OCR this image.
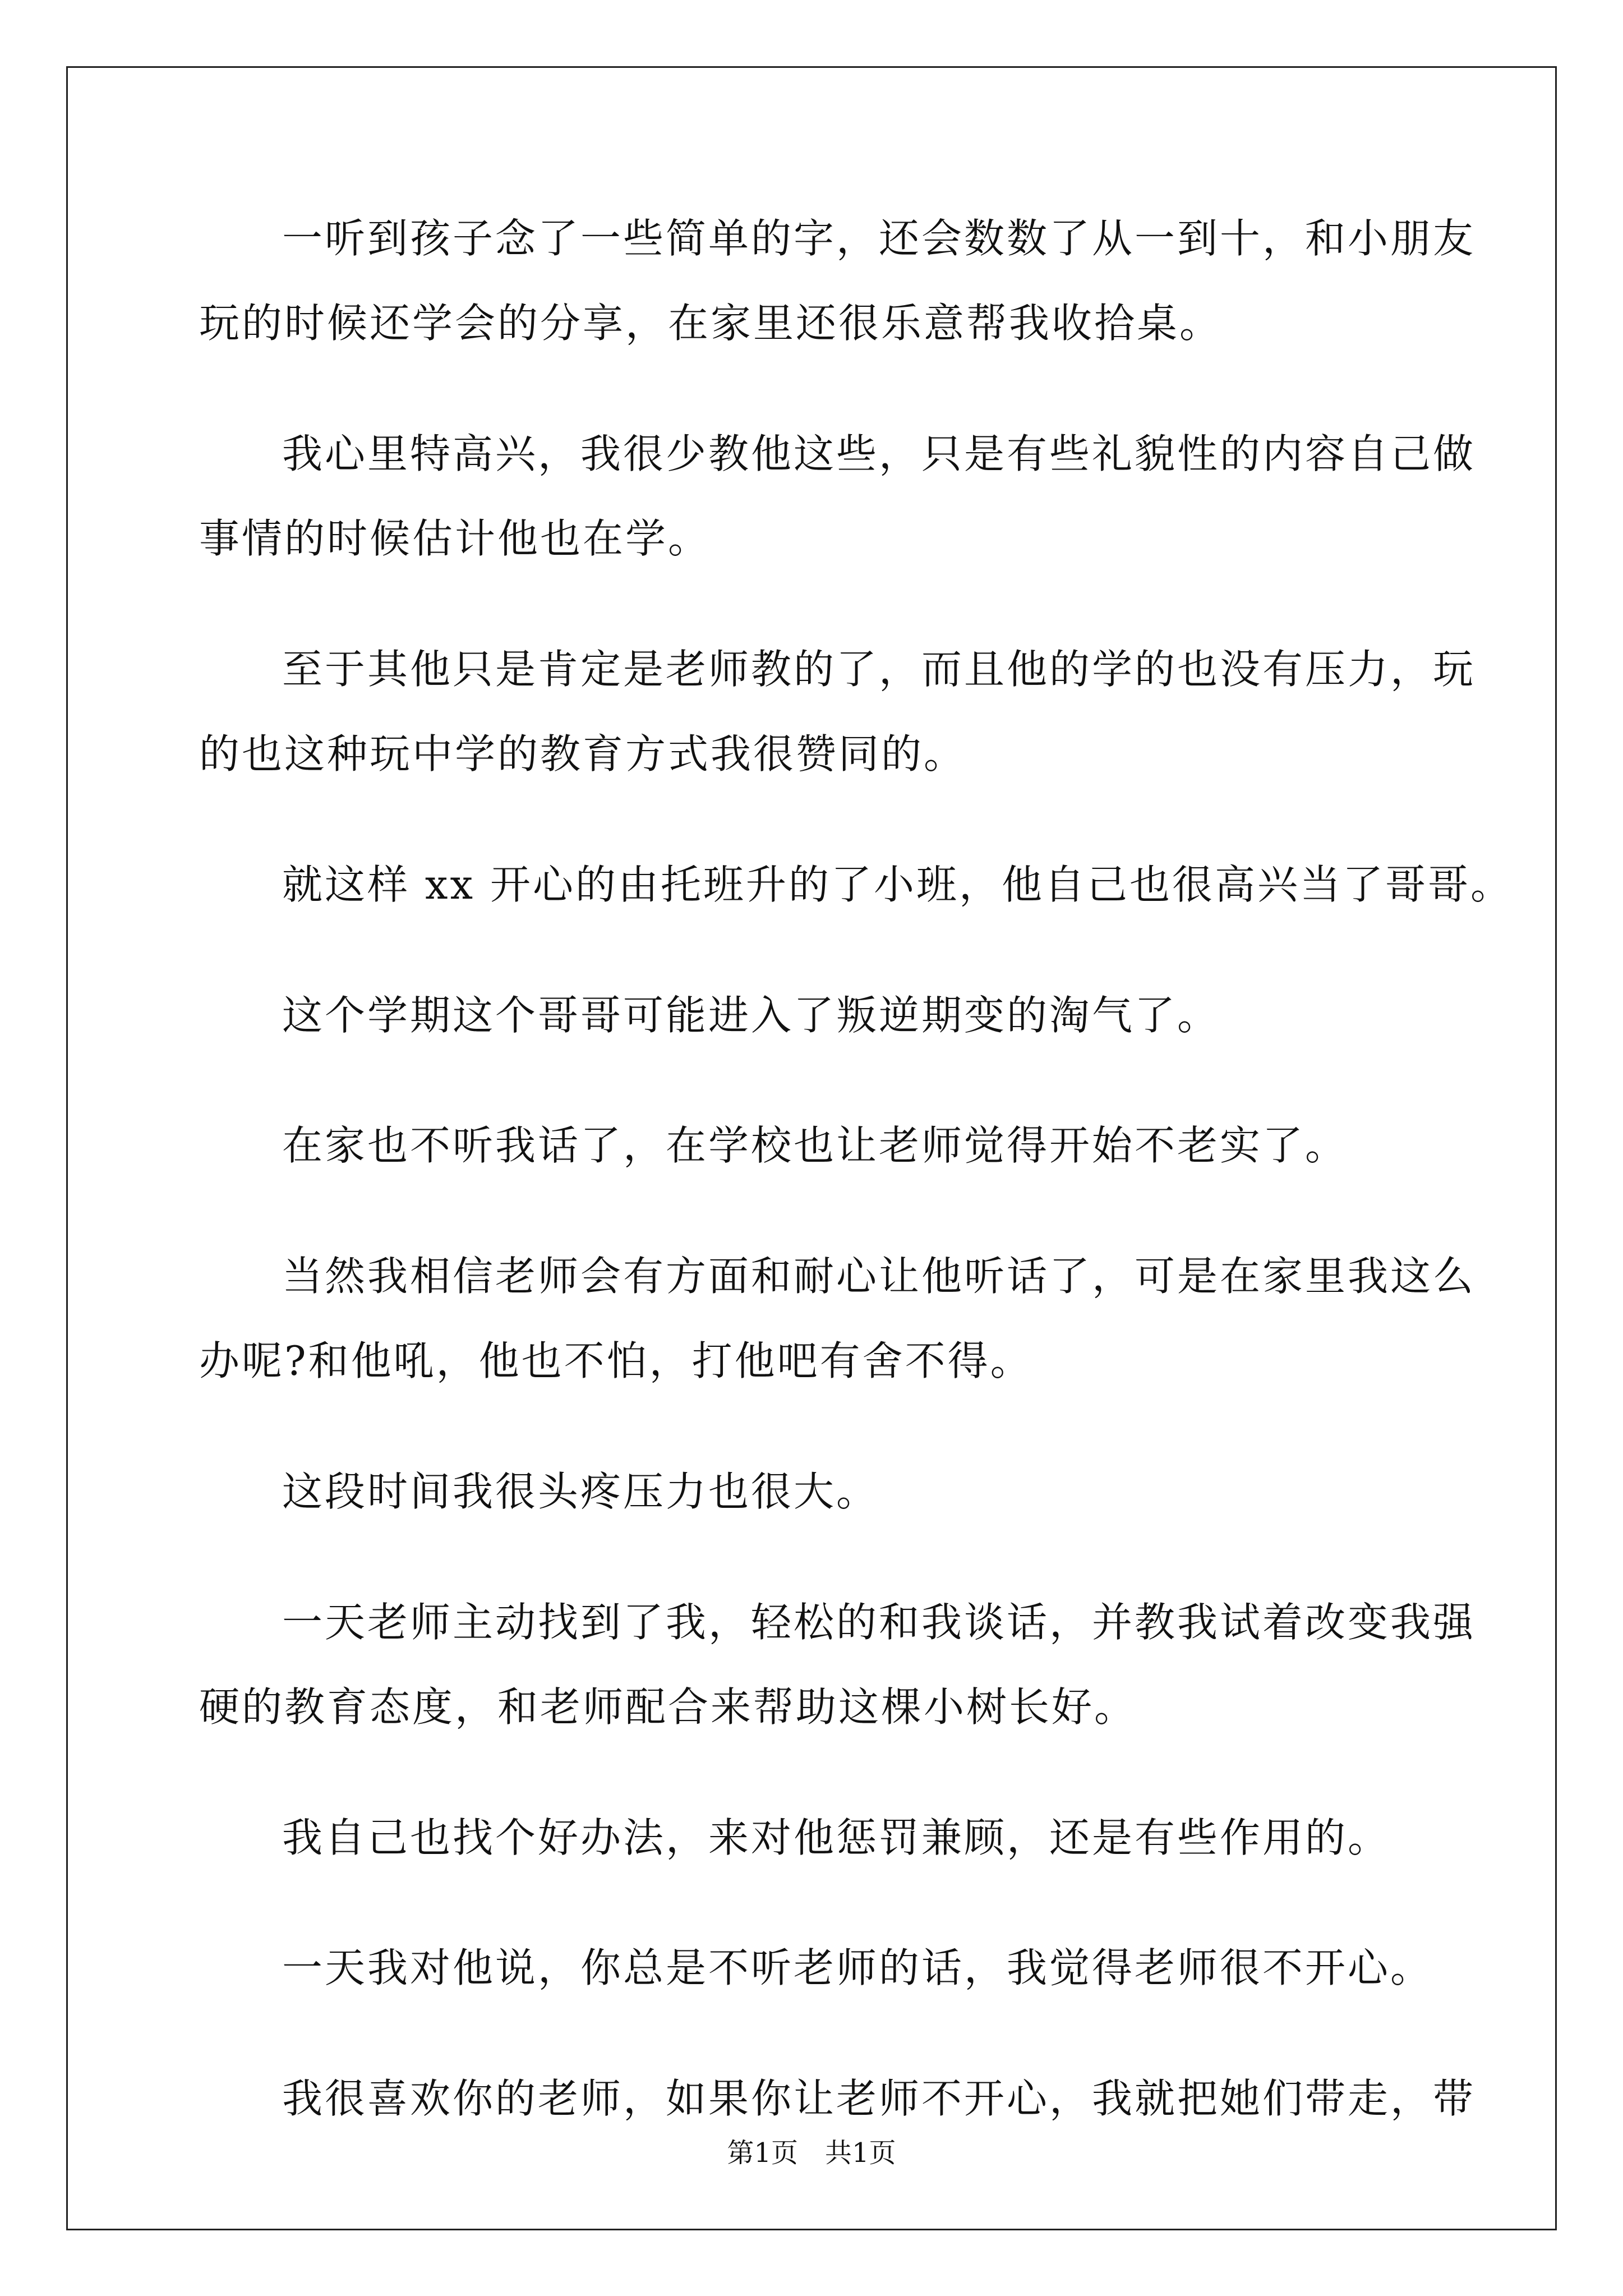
一听到孩子念了一些简单的字，还会数数了从一到十，和小朋友
玩的时候还学会的分享，在家里还很乐意帮我收拾桌。
我心里特高兴，我很少教他这些，只是有些礼貌性的内容自己做
事情的时候估计他也在学。
至于其他只是肯定是老师教的了，而且他的学的也没有压力，玩
的也这种玩中学的教育方式我很赞同的。
就这样 xx 开心的由托班升的了小班，他自己也很高兴当了哥哥。
这个学期这个哥哥可能进入了叛逆期变的淘气了。
在家也不听我话了，在学校也让老师觉得开始不老实了。
当然我相信老师会有方面和耐心让他听话了，可是在家里我这么
办呢?和他吼，他也不怕，打他吧有舍不得。
这段时间我很头疼压力也很大。
一天老师主动找到了我，轻松的和我谈话，并教我试着改变我强
硬的教育态度，和老师配合来帮助这棵小树长好。
我自己也找个好办法，来对他惩罚兼顾，还是有些作用的。
一天我对他说，你总是不听老师的话，我觉得老师很不开心。
我很喜欢你的老师，如果你让老师不开心，我就把她们带走，带
第1页　共1页
